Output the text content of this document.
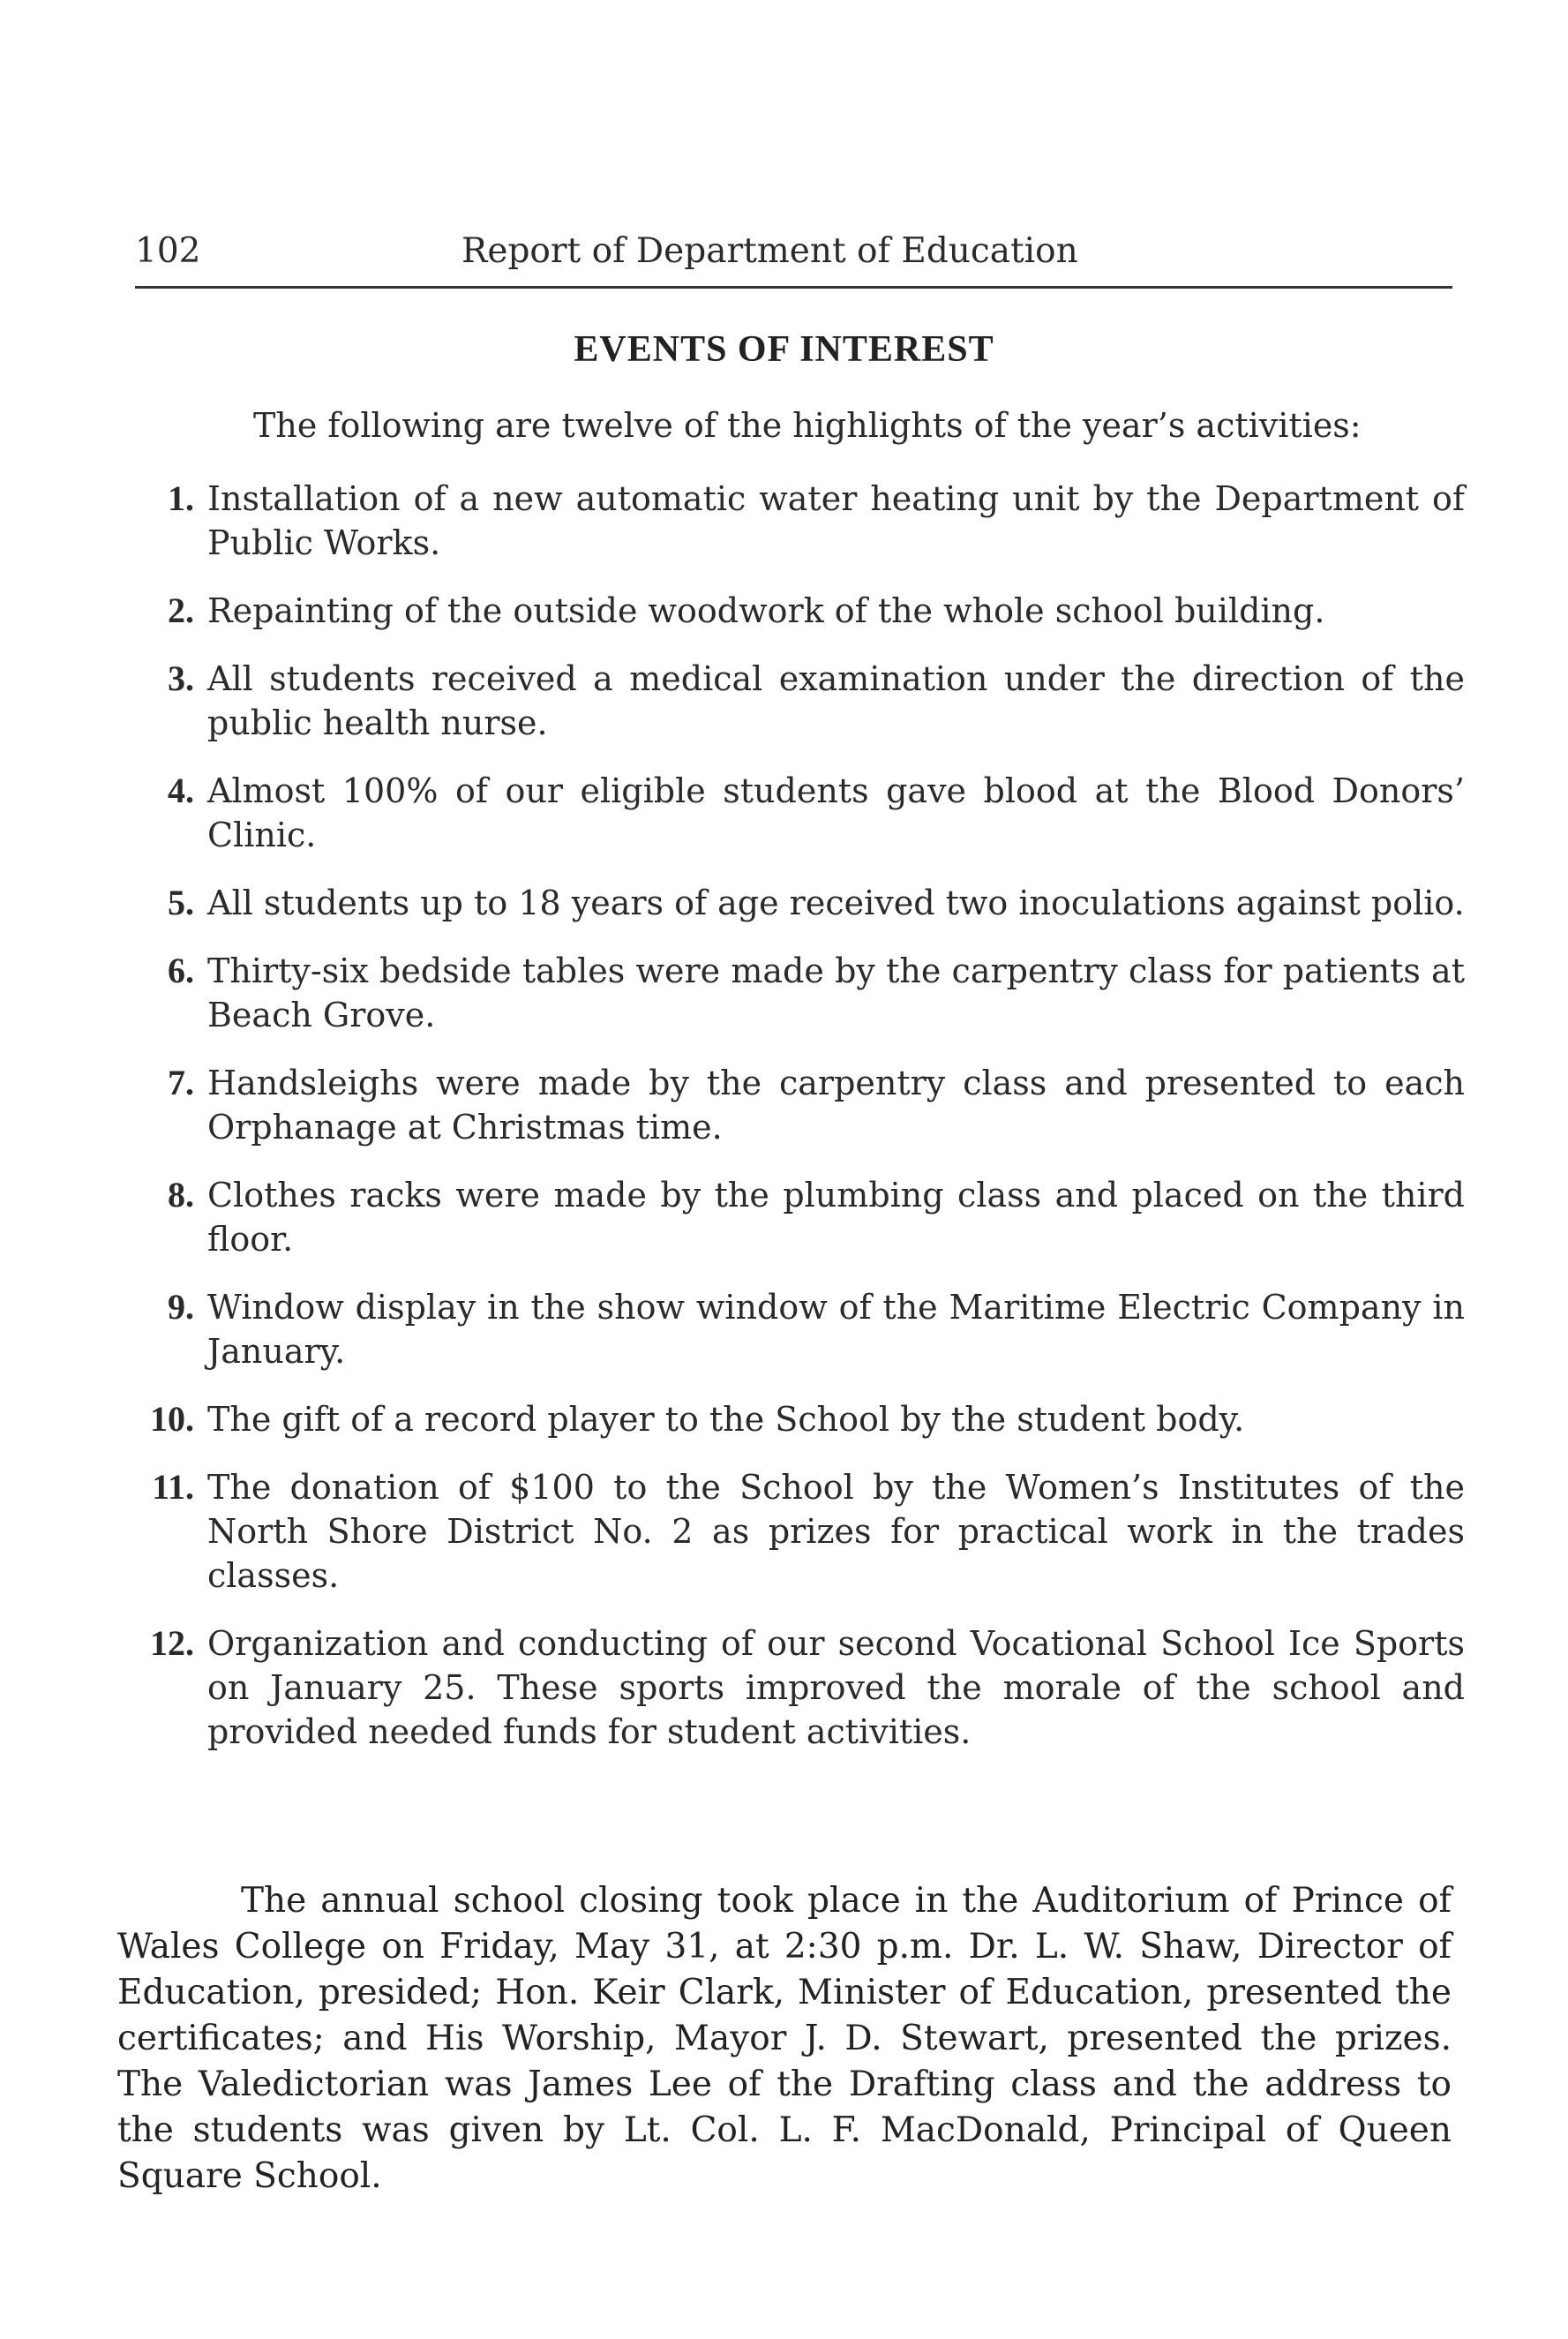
102	Report of Department of Education
EVENTS OF INTEREST
The following are twelve of the highlights of the year’s activities:
1. Installation of a new automatic water heating unit by the Department of Public Works.
2. Repainting of the outside woodwork of the whole school building.
3. All students received a medical examination under the direction of the public health nurse.
4. Almost 100% of our eligible students gave blood at the Blood Donors’ Clinic.
5. All students up to 18 years of age received two inoculations against polio.
6. Thirty-six bedside tables were made by the carpentry class for patients at Beach Grove.
7. Handsleighs were made by the carpentry class and presented to each Orphanage at Christmas time.
8. Clothes racks were made by the plumbing class and placed on the third floor.
9. Window display in the show window of the Maritime Electric Company in January.
10. The gift of a record player to the School by the student body.
11. The donation of $100 to the School by the Women’s Institutes of the North Shore District No. 2 as prizes for practical work in the trades classes.
12. Organization and conducting of our second Vocational School Ice Sports on January 25. These sports improved the morale of the school and provided needed funds for student activities.

The annual school closing took place in the Auditorium of Prince of Wales College on Friday, May 31, at 2:30 p.m. Dr. L. W. Shaw, Director of Education, presided; Hon. Keir Clark, Minister of Education, presented the certificates; and His Worship, Mayor J. D. Stewart, presented the prizes. The Valedictorian was James Lee of the Drafting class and the address to the students was given by Lt. Col. L. F. MacDonald, Principal of Queen Square School.
